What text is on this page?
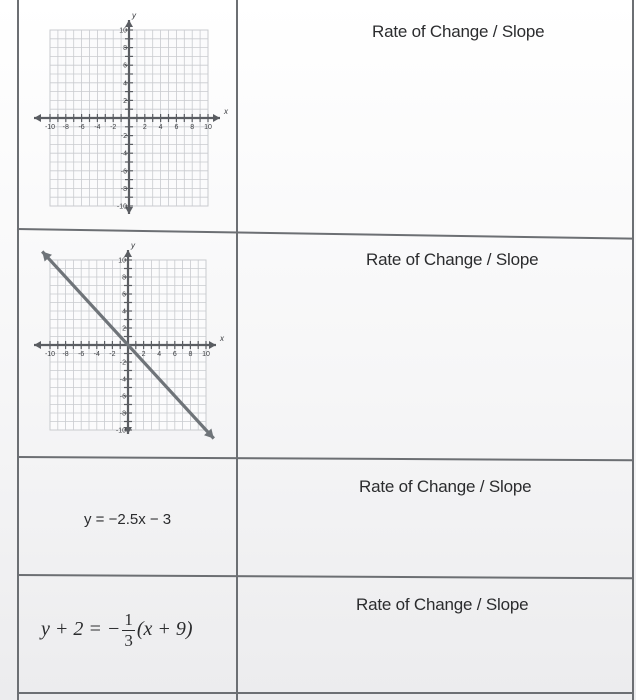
Rate of Change / Slope
Rate of Change / Slope
Rate of Change / Slope
Rate of Change / Slope
-10 -8 -6 -4 -2	2 4 6 8 10
10
8
6
4
2
-2
-4
-6
-8
-10
x
y
-10 -8 -6 -4 -2	2 4 6 8 10
10
8
6
4
2
-2
-4
-6
-8
-10
x
y
y = −2.5x − 3
y + 2 = − $\frac{1}{3} (x + 9)$
